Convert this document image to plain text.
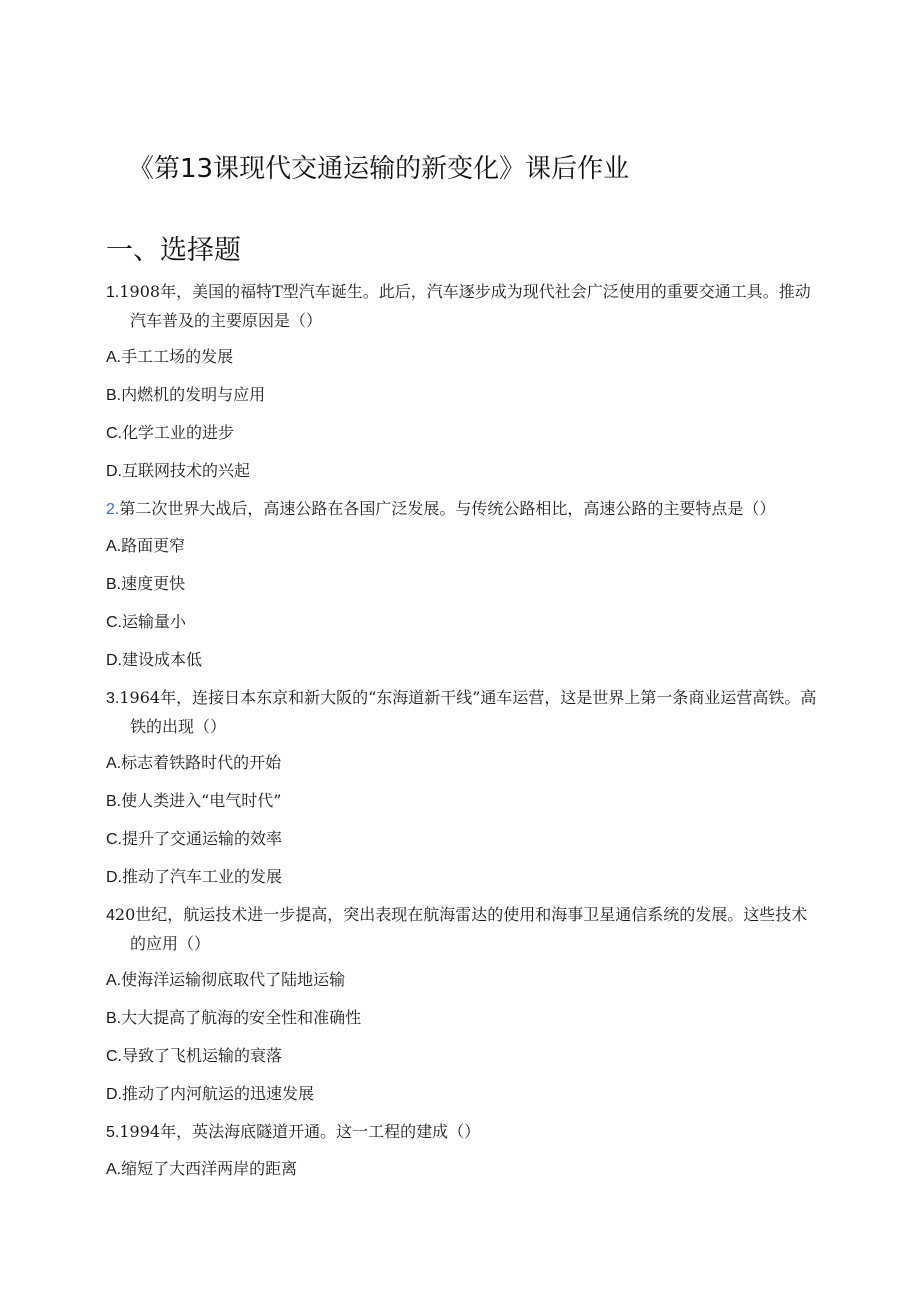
《第13课现代交通运输的新变化》课后作业
一、选择题

1.1908年，美国的福特T型汽车诞生。此后，汽车逐步成为现代社会广泛使用的重要交通工具。推动汽车普及的主要原因是（）

A.手工工场的发展
B.内燃机的发明与应用
C.化学工业的进步
D.互联网技术的兴起

2.第二次世界大战后，高速公路在各国广泛发展。与传统公路相比，高速公路的主要特点是（）

A.路面更窄
B.速度更快
C.运输量小
D.建设成本低

3.1964年，连接日本东京和新大阪的“东海道新干线”通车运营，这是世界上第一条商业运营高铁。高铁的出现（）

A.标志着铁路时代的开始
B.使人类进入“电气时代”
C.提升了交通运输的效率
D.推动了汽车工业的发展

420世纪，航运技术进一步提高，突出表现在航海雷达的使用和海事卫星通信系统的发展。这些技术的应用（）

A.使海洋运输彻底取代了陆地运输
B.大大提高了航海的安全性和准确性
C.导致了飞机运输的衰落
D.推动了内河航运的迅速发展

5.1994年，英法海底隧道开通。这一工程的建成（）

A.缩短了大西洋两岸的距离
